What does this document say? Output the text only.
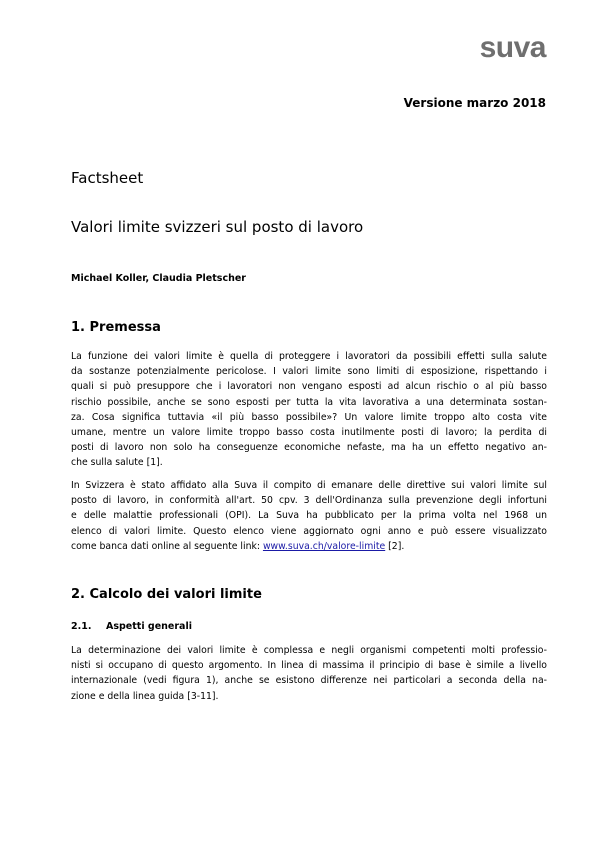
suva
Versione marzo 2018
Factsheet
Valori limite svizzeri sul posto di lavoro
Michael Koller, Claudia Pletscher
1. Premessa
La funzione dei valori limite è quella di proteggere i lavoratori da possibili effetti sulla salute
da sostanze potenzialmente pericolose. I valori limite sono limiti di esposizione, rispettando i
quali si può presuppore che i lavoratori non vengano esposti ad alcun rischio o al più basso
rischio possibile, anche se sono esposti per tutta la vita lavorativa a una determinata sostan-
za. Cosa significa tuttavia «il più basso possibile»? Un valore limite troppo alto costa vite
umane, mentre un valore limite troppo basso costa inutilmente posti di lavoro; la perdita di
posti di lavoro non solo ha conseguenze economiche nefaste, ma ha un effetto negativo an-
che sulla salute [1].
In Svizzera è stato affidato alla Suva il compito di emanare delle direttive sui valori limite sul
posto di lavoro, in conformità all'art. 50 cpv. 3 dell'Ordinanza sulla prevenzione degli infortuni
e delle malattie professionali (OPI). La Suva ha pubblicato per la prima volta nel 1968 un
elenco di valori limite. Questo elenco viene aggiornato ogni anno e può essere visualizzato
come banca dati online al seguente link: www.suva.ch/valore-limite [2].
2. Calcolo dei valori limite
2.1. Aspetti generali
La determinazione dei valori limite è complessa e negli organismi competenti molti professio-
nisti si occupano di questo argomento. In linea di massima il principio di base è simile a livello
internazionale (vedi figura 1), anche se esistono differenze nei particolari a seconda della na-
zione e della linea guida [3-11].
